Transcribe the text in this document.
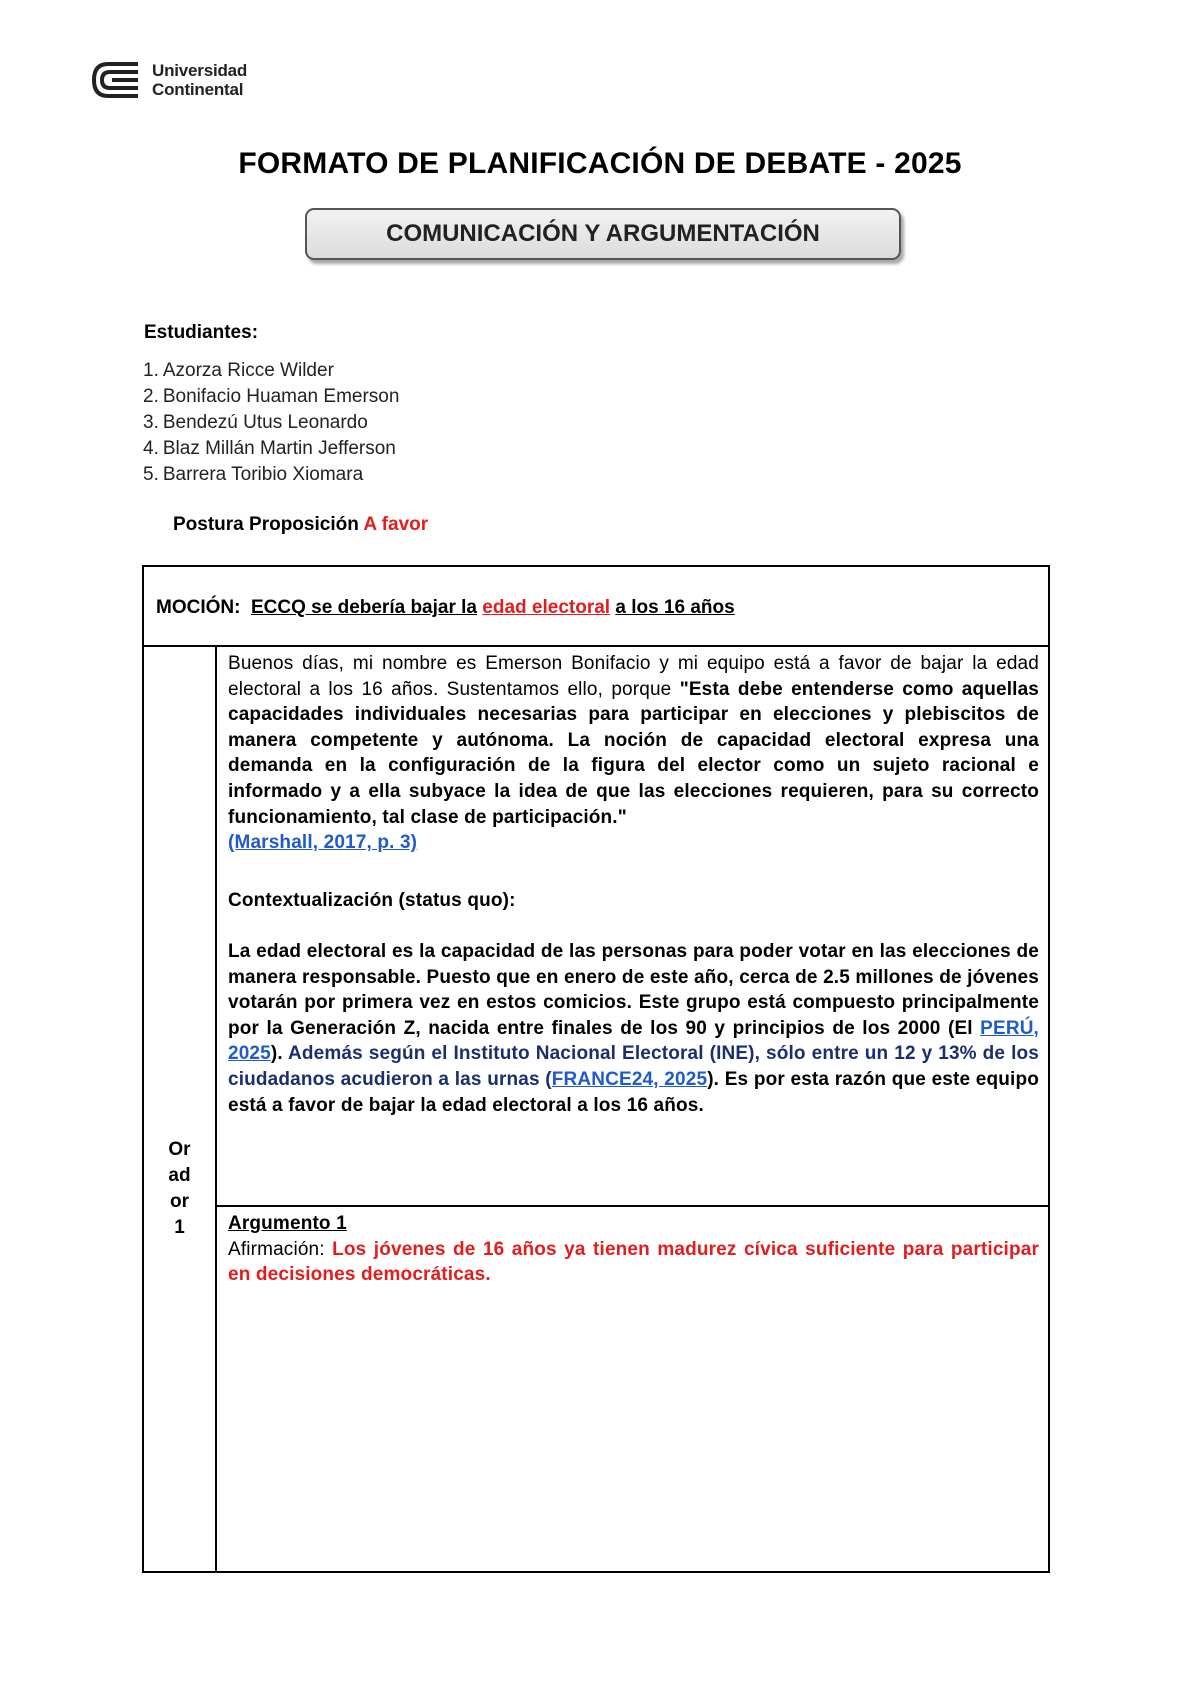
Universidad
Continental
FORMATO DE PLANIFICACIÓN DE DEBATE - 2025
COMUNICACIÓN Y ARGUMENTACIÓN
Estudiantes:
1. Azorza Ricce Wilder
2. Bonifacio Huaman Emerson
3. Bendezú Utus Leonardo
4. Blaz Millán Martin Jefferson
5. Barrera Toribio Xiomara
Postura Proposición A favor
MOCIÓN: ECCQ se debería bajar la edad electoral a los 16 años
Or
ad
or
1

Buenos días, mi nombre es Emerson Bonifacio y mi equipo está a favor de bajar la edad electoral a los 16 años. Sustentamos ello, porque "Esta debe entenderse como aquellas capacidades individuales necesarias para participar en elecciones y plebiscitos de manera competente y autónoma. La noción de capacidad electoral expresa una demanda en la configuración de la figura del elector como un sujeto racional e informado y a ella subyace la idea de que las elecciones requieren, para su correcto funcionamiento, tal clase de participación."
(Marshall, 2017, p. 3)

Contextualización (status quo):

La edad electoral es la capacidad de las personas para poder votar en las elecciones de manera responsable. Puesto que en enero de este año, cerca de 2.5 millones de jóvenes votarán por primera vez en estos comicios. Este grupo está compuesto principalmente por la Generación Z, nacida entre finales de los 90 y principios de los 2000 (El PERÚ, 2025). Además según el Instituto Nacional Electoral (INE), sólo entre un 12 y 13% de los ciudadanos acudieron a las urnas (FRANCE24, 2025). Es por esta razón que este equipo está a favor de bajar la edad electoral a los 16 años.

Argumento 1
Afirmación: Los jóvenes de 16 años ya tienen madurez cívica suficiente para participar en decisiones democráticas.
